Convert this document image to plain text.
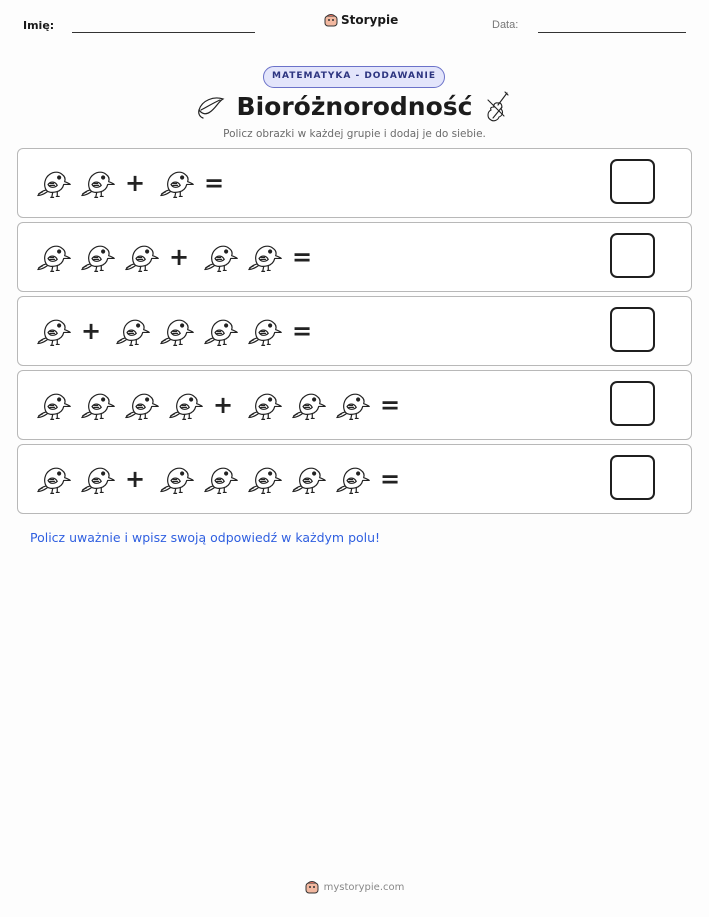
Imię:	Storypie	Data:
MATEMATYKA - DODAWANIE
Bioróżnorodność
Policz obrazki w każdej grupie i dodaj je do siebie.
+ =
+	=
+	=
+	=
+	=
Policz uważnie i wpisz swoją odpowiedź w każdym polu!
mystorypie.com
